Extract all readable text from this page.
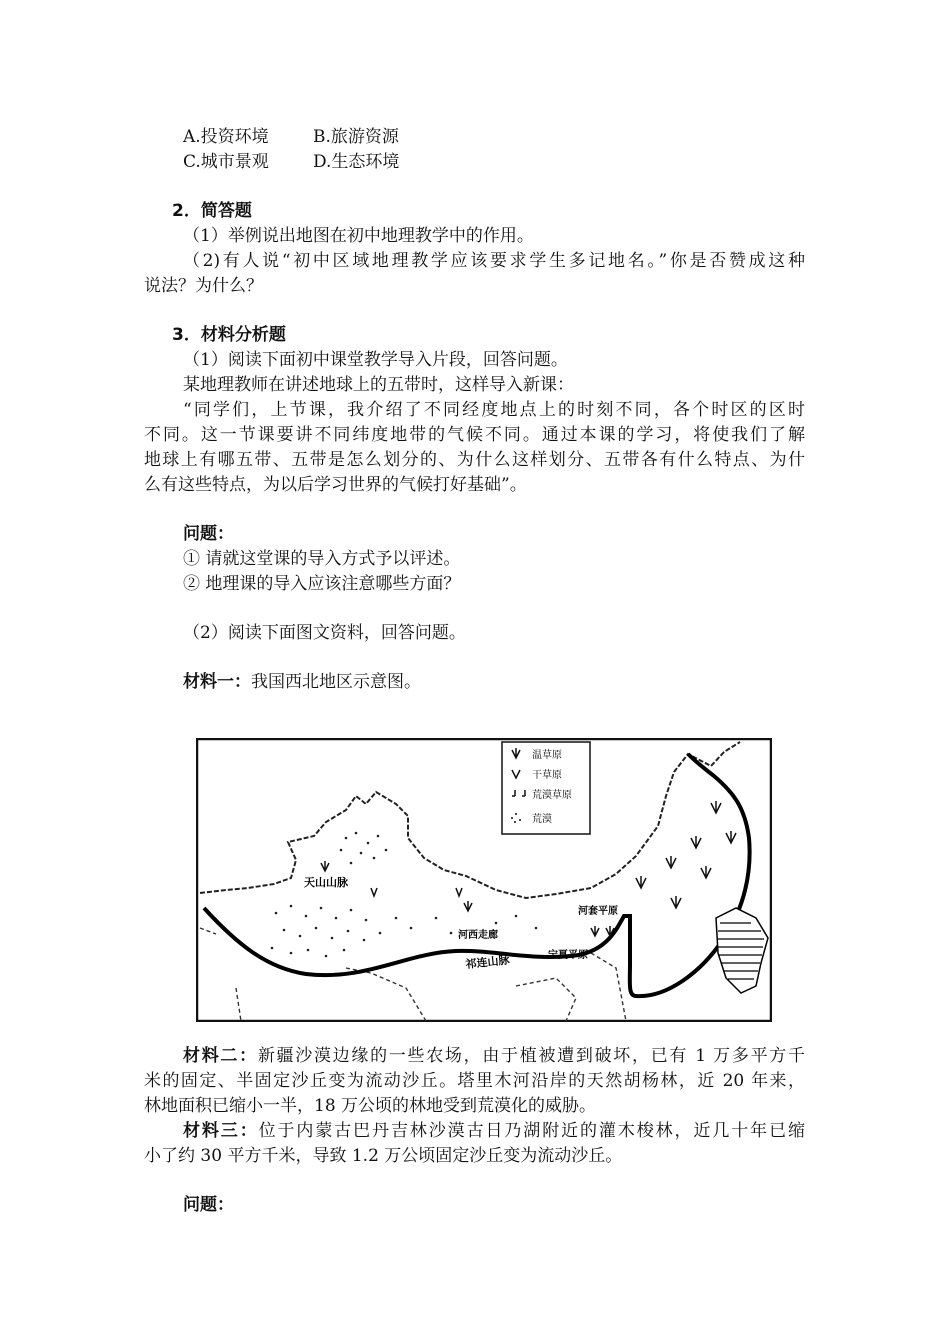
A.投资环境	B.旅游资源
C.城市景观	D.生态环境
2．简答题
（1）举例说出地图在初中地理教学中的作用。
（2)有人说“初中区域地理教学应该要求学生多记地名。”你是否赞成这种
说法？为什么？
3．材料分析题
（1）阅读下面初中课堂教学导入片段，回答问题。
某地理教师在讲述地球上的五带时，这样导入新课：
“同学们，上节课，我介绍了不同经度地点上的时刻不同，各个时区的区时
不同。这一节课要讲不同纬度地带的气候不同。通过本课的学习，将使我们了解
地球上有哪五带、五带是怎么划分的、为什么这样划分、五带各有什么特点、为什
么有这些特点，为以后学习世界的气候打好基础”。
问题：
① 请就这堂课的导入方式予以评述。
② 地理课的导入应该注意哪些方面？
（2）阅读下面图文资料，回答问题。
材料一：我国西北地区示意图。
温草原
干草原
荒漠草原
荒漠
天山山脉
河西走廊
祁连山脉
河套平原
宁夏平原
材料二：新疆沙漠边缘的一些农场，由于植被遭到破坏，已有 1 万多平方千
米的固定、半固定沙丘变为流动沙丘。塔里木河沿岸的天然胡杨林，近 20 年来，
林地面积已缩小一半，18 万公顷的林地受到荒漠化的威胁。
材料三：位于内蒙古巴丹吉林沙漠古日乃湖附近的灌木梭林，近几十年已缩
小了约 30 平方千米，导致 1.2 万公顷固定沙丘变为流动沙丘。
问题：
